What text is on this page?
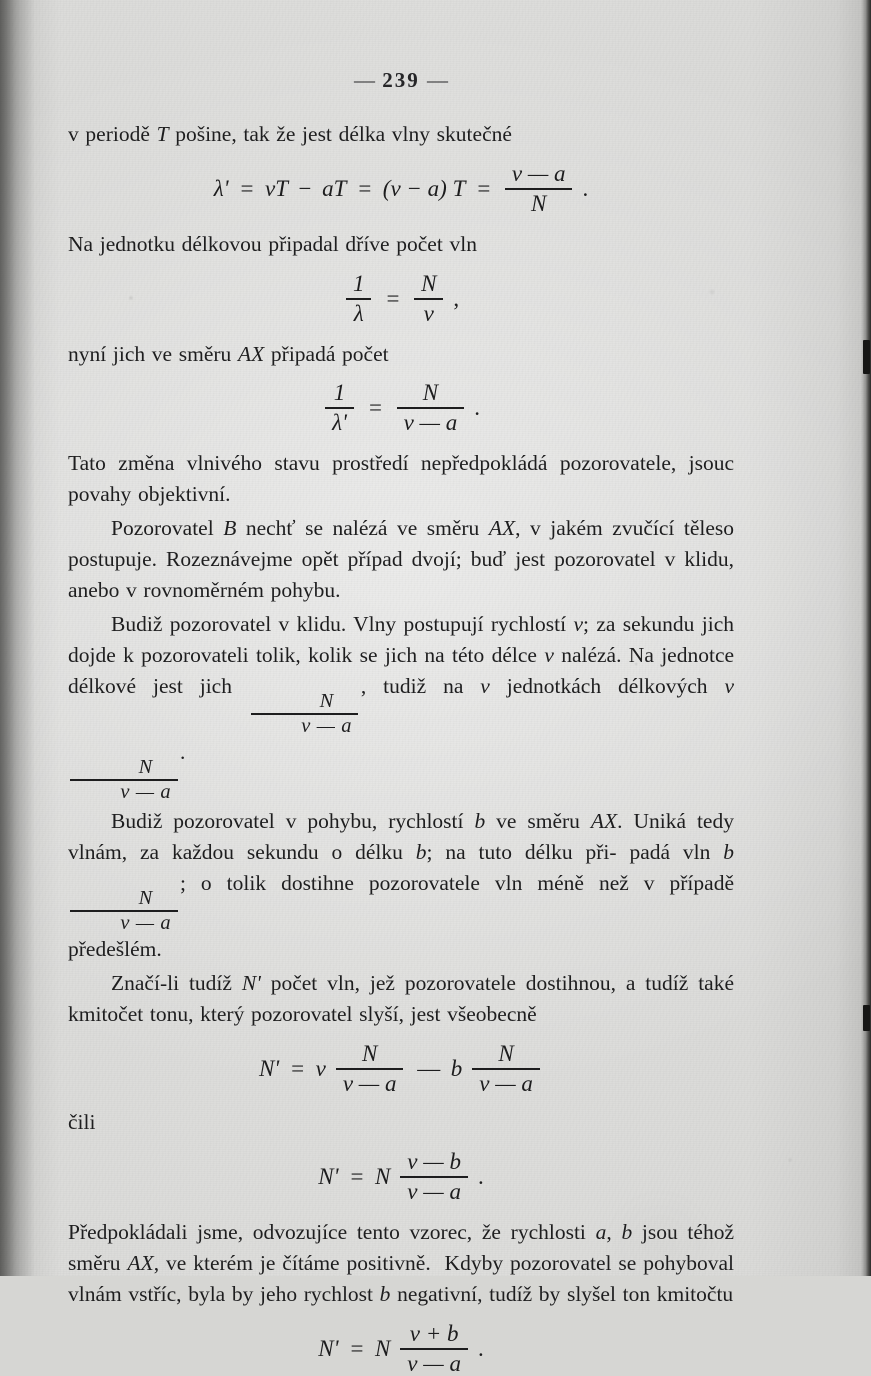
— 239 —

v periodě T pošine, tak že jest délka vlny skutečné

λ' = vT − aT = (v − a) $T = \frac{v — a}{N}$ .

Na jednotku délkovou připadal dříve počet vln

$\frac{1}{\lambda} = \frac{N}{v}$ ,

nyní jich ve směru AX připadá počet

$\frac{1}{\lambda'} = \frac{N}{v — a}$ .

Tato změna vlnivého stavu prostředí nepředpokládá pozorovatele, jsouc povahy objektivní.

Pozorovatel B nechť se nalézá ve směru AX, v jakém zvučící těleso postupuje. Rozeznávejme opět případ dvojí; buď jest pozorovatel v klidu, anebo v rovnoměrném pohybu.

Budiž pozorovatel v klidu. Vlny postupují rychlostí v; za sekundu jich dojde k pozorovateli tolik, kolik se jich na této délce v nalézá. Na jednotce délkové jest jich
$\frac{N}{v — a}$
, tudiž na v jednotkách délkových v
$\frac{N}{v — a}$
.

Budiž pozorovatel v pohybu, rychlostí b ve směru AX. Uniká tedy vlnám, za každou sekundu o délku b; na tuto délku při- padá vln b
$\frac{N}{v — a}$
; o tolik dostihne pozorovatele vln méně než v případě předešlém.

Značí-li tudíž N' počet vln, jež pozorovatele dostihnou, a tudíž také kmitočet tonu, který pozorovatel slyší, jest všeobecně

N' = v $\frac{N}{v — a}$ — b $\frac{N}{v — a}$

čili

N' = N $\frac{v — b}{v — a}$ .

Předpokládali jsme, odvozujíce tento vzorec, že rychlosti a, b jsou téhož směru AX, ve kterém je čítáme positivně.  Kdyby pozorovatel se pohyboval vlnám vstříc, byla by jeho rychlost b negativní, tudíž by slyšel ton kmitočtu

N' = N $\frac{v + b}{v — a}$ .
